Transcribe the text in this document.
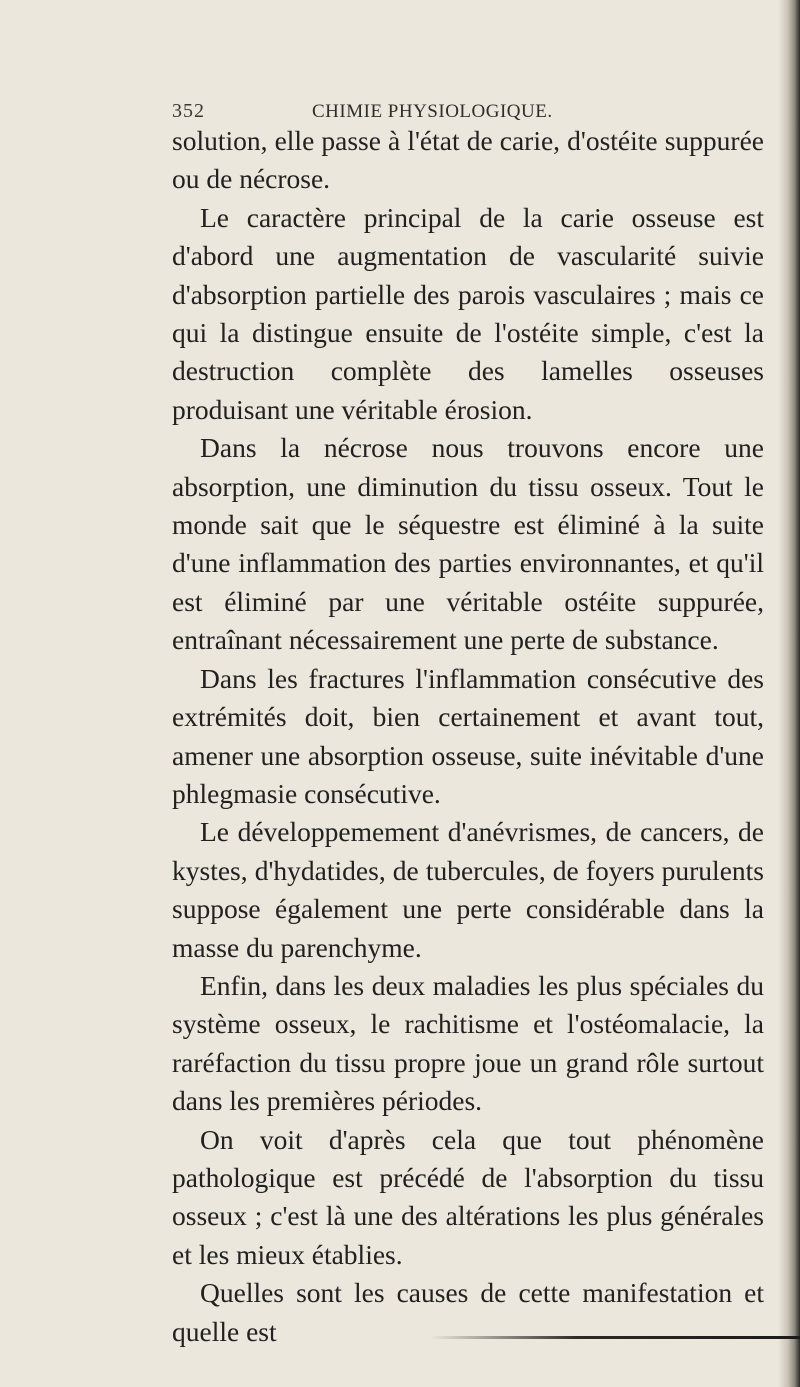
352	CHIMIE PHYSIOLOGIQUE.

solution, elle passe à l'état de carie, d'ostéite suppurée ou de nécrose.

Le caractère principal de la carie osseuse est d'abord une augmentation de vascularité suivie d'absorption partielle des parois vasculaires ; mais ce qui la distingue ensuite de l'ostéite simple, c'est la destruction complète des lamelles osseuses produisant une véritable érosion.

Dans la nécrose nous trouvons encore une absorption, une diminution du tissu osseux. Tout le monde sait que le séquestre est éliminé à la suite d'une inflammation des parties environnantes, et qu'il est éliminé par une véritable ostéite suppurée, entraînant nécessairement une perte de substance.

Dans les fractures l'inflammation consécutive des extrémités doit, bien certainement et avant tout, amener une absorption osseuse, suite inévitable d'une phlegmasie consécutive.

Le développemement d'anévrismes, de cancers, de kystes, d'hydatides, de tubercules, de foyers purulents suppose également une perte considérable dans la masse du parenchyme.

Enfin, dans les deux maladies les plus spéciales du système osseux, le rachitisme et l'ostéomalacie, la raréfaction du tissu propre joue un grand rôle surtout dans les premières périodes.

On voit d'après cela que tout phénomène pathologique est précédé de l'absorption du tissu osseux ; c'est là une des altérations les plus générales et les mieux établies.

Quelles sont les causes de cette manifestation et quelle est
